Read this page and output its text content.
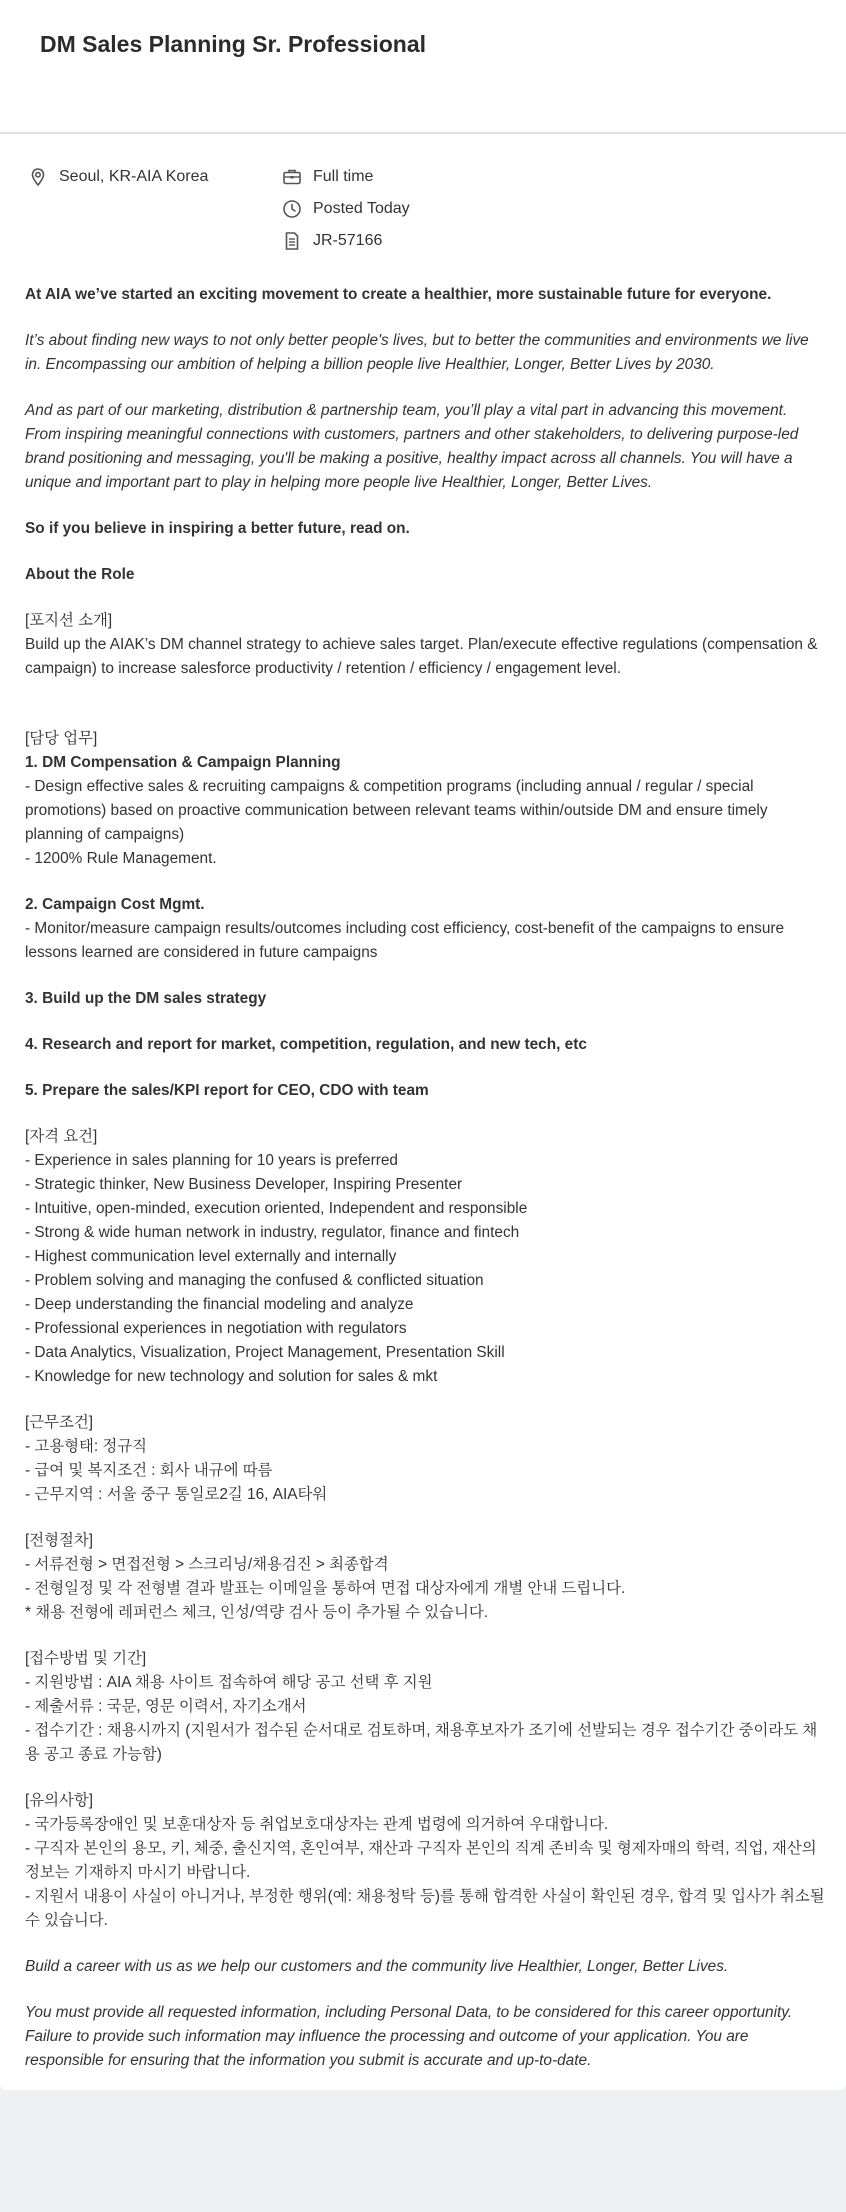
DM Sales Planning Sr. Professional
Seoul, KR-AIA Korea	Full time
Posted Today
JR-57166

At AIA we’ve started an exciting movement to create a healthier, more sustainable future for everyone.

It’s about finding new ways to not only better people's lives, but to better the communities and environments we live in. Encompassing our ambition of helping a billion people live Healthier, Longer, Better Lives by 2030.

And as part of our marketing, distribution & partnership team, you’ll play a vital part in advancing this movement. From inspiring meaningful connections with customers, partners and other stakeholders, to delivering purpose-led brand positioning and messaging, you'll be making a positive, healthy impact across all channels. You will have a unique and important part to play in helping more people live Healthier, Longer, Better Lives.

So if you believe in inspiring a better future, read on.

About the Role

[포지션 소개]
Build up the AIAK’s DM channel strategy to achieve sales target. Plan/execute effective regulations (compensation & campaign) to increase salesforce productivity / retention / efficiency / engagement level.

[담당 업무]
1. DM Compensation & Campaign Planning
- Design effective sales & recruiting campaigns & competition programs (including annual / regular / special promotions) based on proactive communication between relevant teams within/outside DM and ensure timely planning of campaigns)
- 1200% Rule Management.

2. Campaign Cost Mgmt.
- Monitor/measure campaign results/outcomes including cost efficiency, cost-benefit of the campaigns to ensure lessons learned are considered in future campaigns

3. Build up the DM sales strategy

4. Research and report for market, competition, regulation, and new tech, etc

5. Prepare the sales/KPI report for CEO, CDO with team

[자격 요건]
- Experience in sales planning for 10 years is preferred
- Strategic thinker, New Business Developer, Inspiring Presenter
- Intuitive, open-minded, execution oriented, Independent and responsible
- Strong & wide human network in industry, regulator, finance and fintech
- Highest communication level externally and internally
- Problem solving and managing the confused & conflicted situation
- Deep understanding the financial modeling and analyze
- Professional experiences in negotiation with regulators
- Data Analytics, Visualization, Project Management, Presentation Skill
- Knowledge for new technology and solution for sales & mkt

[근무조건]
- 고용형태: 정규직
- 급여 및 복지조건 : 회사 내규에 따름
- 근무지역 : 서울 중구 통일로2길 16, AIA타워

[전형절차]
- 서류전형 > 면접전형 > 스크리닝/채용검진 > 최종합격
- 전형일정 및 각 전형별 결과 발표는 이메일을 통하여 면접 대상자에게 개별 안내 드립니다.
* 채용 전형에 레퍼런스 체크, 인성/역량 검사 등이 추가될 수 있습니다.

[접수방법 및 기간]
- 지원방법 : AIA 채용 사이트 접속하여 해당 공고 선택 후 지원
- 제출서류 : 국문, 영문 이력서, 자기소개서
- 접수기간 : 채용시까지 (지원서가 접수된 순서대로 검토하며, 채용후보자가 조기에 선발되는 경우 접수기간 중이라도 채용 공고 종료 가능함)

[유의사항]
- 국가등록장애인 및 보훈대상자 등 취업보호대상자는 관계 법령에 의거하여 우대합니다.
- 구직자 본인의 용모, 키, 체중, 출신지역, 혼인여부, 재산과 구직자 본인의 직계 존비속 및 형제자매의 학력, 직업, 재산의 정보는 기재하지 마시기 바랍니다.
- 지원서 내용이 사실이 아니거나, 부정한 행위(예: 채용청탁 등)를 통해 합격한 사실이 확인된 경우, 합격 및 입사가 취소될 수 있습니다.

Build a career with us as we help our customers and the community live Healthier, Longer, Better Lives.

You must provide all requested information, including Personal Data, to be considered for this career opportunity. Failure to provide such information may influence the processing and outcome of your application. You are responsible for ensuring that the information you submit is accurate and up-to-date.
